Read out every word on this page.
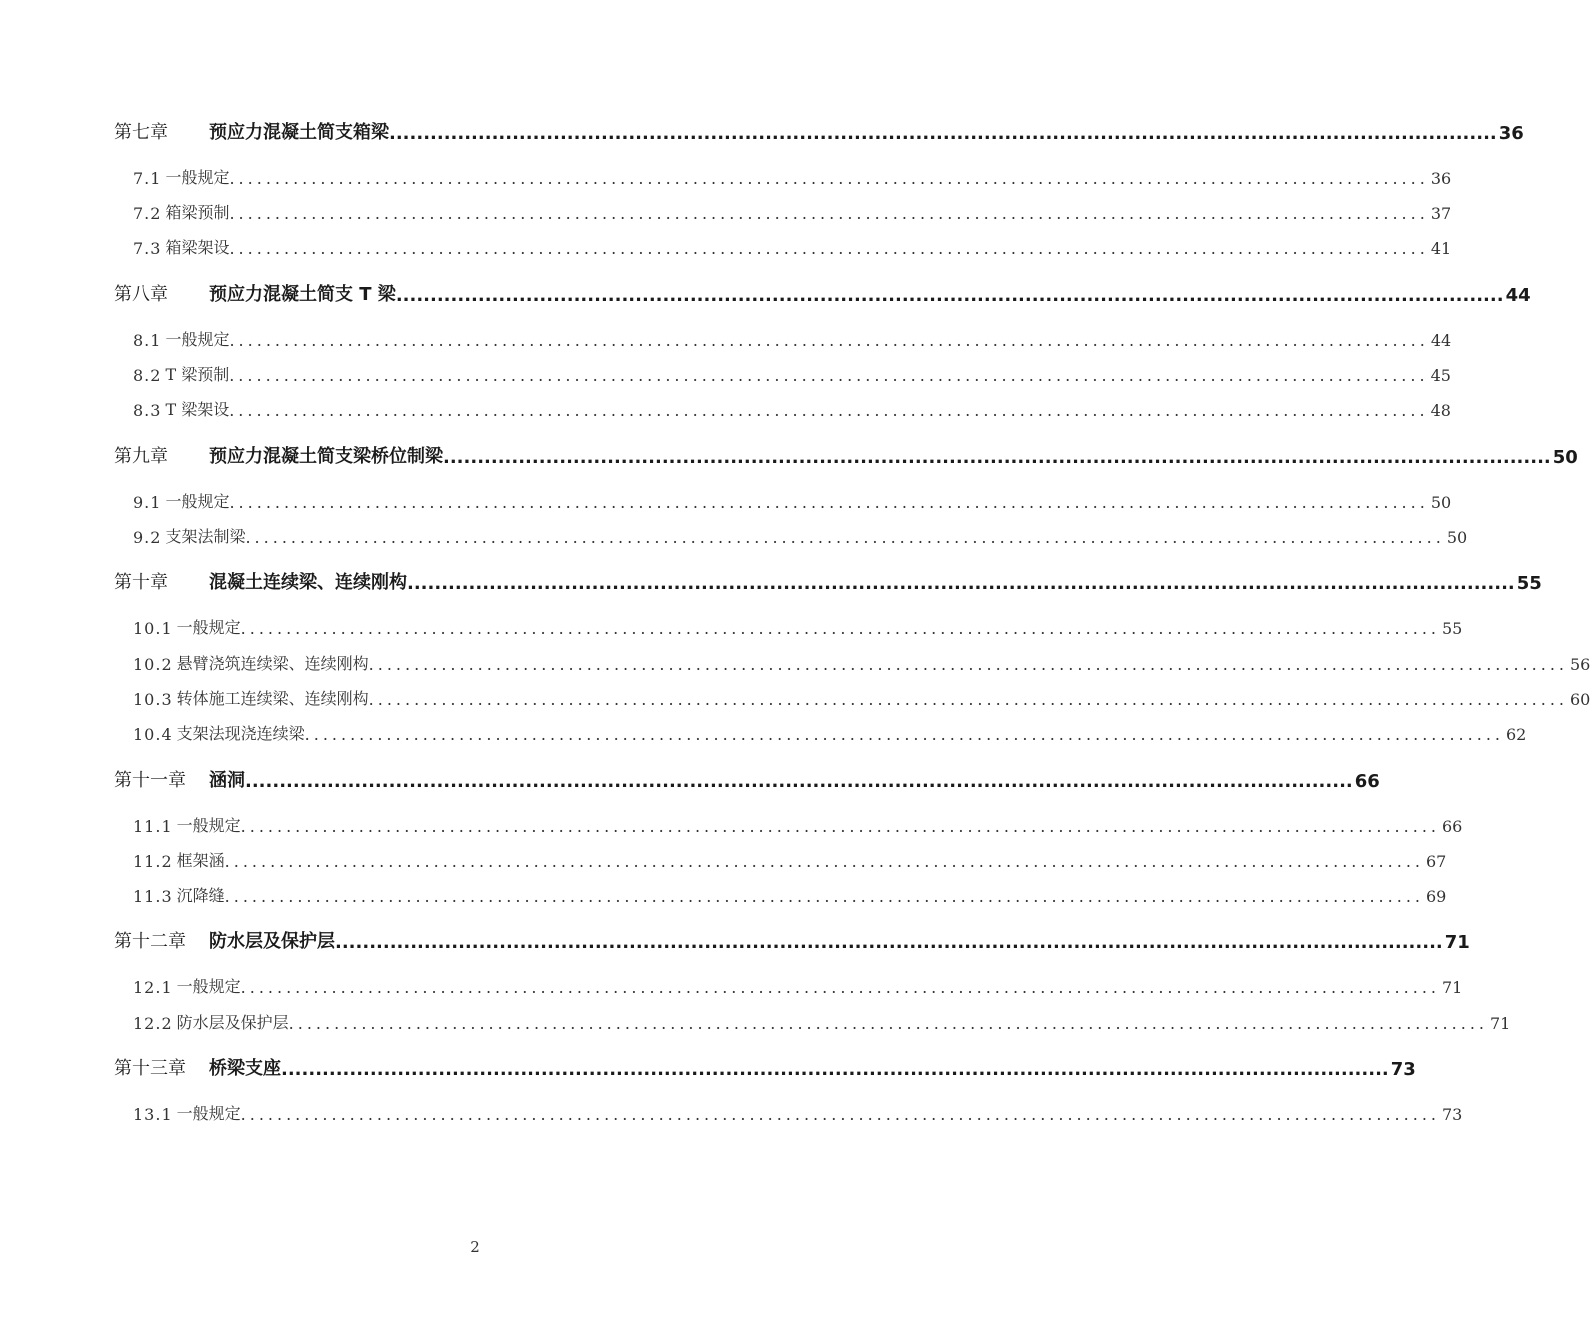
第七章	预应力混凝土简支箱梁 .................................................................................................................................................................. 36
7.1 一般规定 .................................................................................................................................... 36
7.2 箱梁预制 .................................................................................................................................... 37
7.3 箱梁架设 .................................................................................................................................... 41
第八章	预应力混凝土简支 T 梁 .................................................................................................................................................................. 44
8.1 一般规定 .................................................................................................................................... 44
8.2 T 梁预制 .................................................................................................................................... 45
8.3 T 梁架设 .................................................................................................................................... 48
第九章	预应力混凝土简支梁桥位制梁 .................................................................................................................................................................. 50
9.1 一般规定 .................................................................................................................................... 50
9.2 支架法制梁 .................................................................................................................................... 50
第十章	混凝土连续梁、连续刚构 .................................................................................................................................................................. 55
10.1 一般规定 .................................................................................................................................... 55
10.2 悬臂浇筑连续梁、连续刚构 .................................................................................................................................... 56
10.3 转体施工连续梁、连续刚构 .................................................................................................................................... 60
10.4 支架法现浇连续梁 .................................................................................................................................... 62
第十一章	涵洞 .................................................................................................................................................................. 66
11.1 一般规定 .................................................................................................................................... 66
11.2 框架涵 .................................................................................................................................... 67
11.3 沉降缝 .................................................................................................................................... 69
第十二章	防水层及保护层 .................................................................................................................................................................. 71
12.1 一般规定 .................................................................................................................................... 71
12.2 防水层及保护层 .................................................................................................................................... 71
第十三章	桥梁支座 .................................................................................................................................................................. 73
13.1 一般规定 .................................................................................................................................... 73
2
